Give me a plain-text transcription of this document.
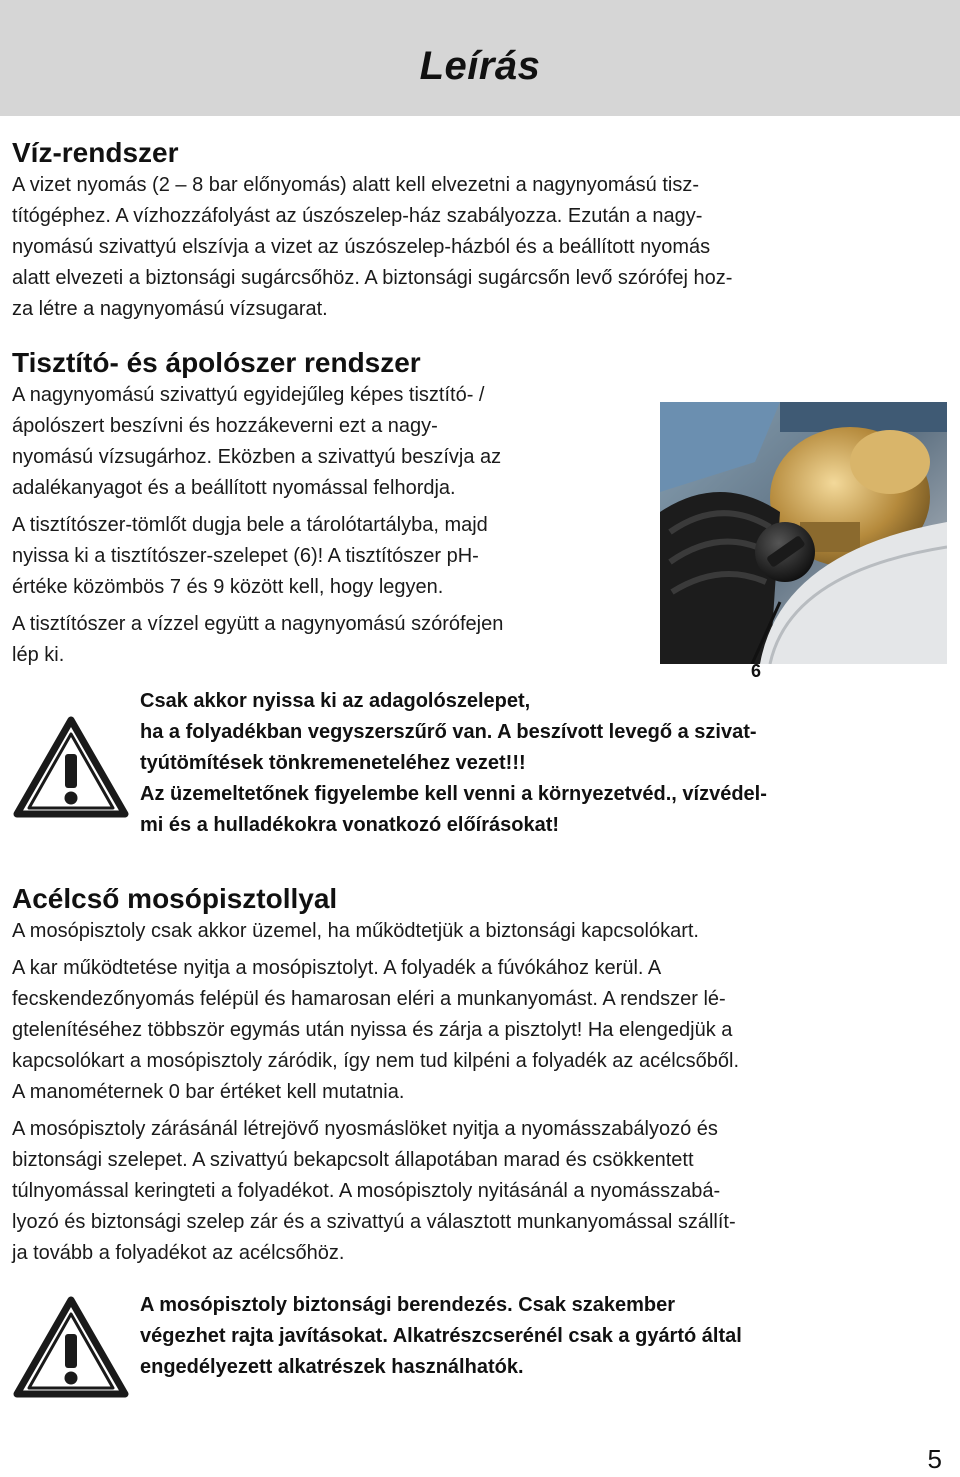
Leírás
Víz-rendszer

A vizet nyomás (2 – 8 bar előnyomás) alatt kell elvezetni a nagynyomású tisz-
títógéphez. A vízhozzáfolyást az úszószelep-ház szabályozza. Ezután a nagy-
nyomású szivattyú elszívja a vizet az úszószelep-házból és a beállított nyomás
alatt elvezeti a biztonsági sugárcsőhöz. A biztonsági sugárcsőn levő szórófej hoz-
za létre a nagynyomású vízsugarat.

Tisztító- és ápolószer rendszer

A nagynyomású szivattyú egyidejűleg képes tisztító- /
ápolószert beszívni és hozzákeverni ezt a nagy-
nyomású vízsugárhoz. Eközben a szivattyú beszívja az
adalékanyagot és a beállított nyomással felhordja.

A tisztítószer-tömlőt dugja bele a tárolótartályba, majd
nyissa ki a tisztítószer-szelepet (6)! A tisztítószer pH-
értéke közömbös 7 és 9 között kell, hogy legyen.

A tisztítószer a vízzel együtt a nagynyomású szórófejen
lép ki.

6
Csak akkor nyissa ki az adagolószelepet,
ha a folyadékban vegyszerszűrő van. A beszívott levegő a szivat-
tyútömítések tönkremeneteléhez vezet!!!
Az üzemeltetőnek figyelembe kell venni a környezetvéd., vízvédel-
mi és a hulladékokra vonatkozó előírásokat!
Acélcső mosópisztollyal

A mosópisztoly csak akkor üzemel, ha működtetjük a biztonsági kapcsolókart.

A kar működtetése nyitja a mosópisztolyt. A folyadék a fúvókához kerül. A
fecskendezőnyomás felépül és hamarosan eléri a munkanyomást. A rendszer lé-
gtelenítéséhez többször egymás után nyissa és zárja a pisztolyt! Ha elengedjük a
kapcsolókart a mosópisztoly záródik, így nem tud kilpéni a folyadék az acélcsőből.
A manométernek 0 bar értéket kell mutatnia.

A mosópisztoly zárásánál létrejövő nyosmáslöket nyitja a nyomásszabályozó és
biztonsági szelepet. A szivattyú bekapcsolt állapotában marad és csökkentett
túlnyomással keringteti a folyadékot. A mosópisztoly nyitásánál a nyomásszabá-
lyozó és biztonsági szelep zár és a szivattyú a választott munkanyomással szállít-
ja tovább a folyadékot az acélcsőhöz.

A mosópisztoly biztonsági berendezés. Csak szakember
végezhet rajta javításokat. Alkatrészcserénél csak a gyártó által
engedélyezett alkatrészek használhatók.
5
